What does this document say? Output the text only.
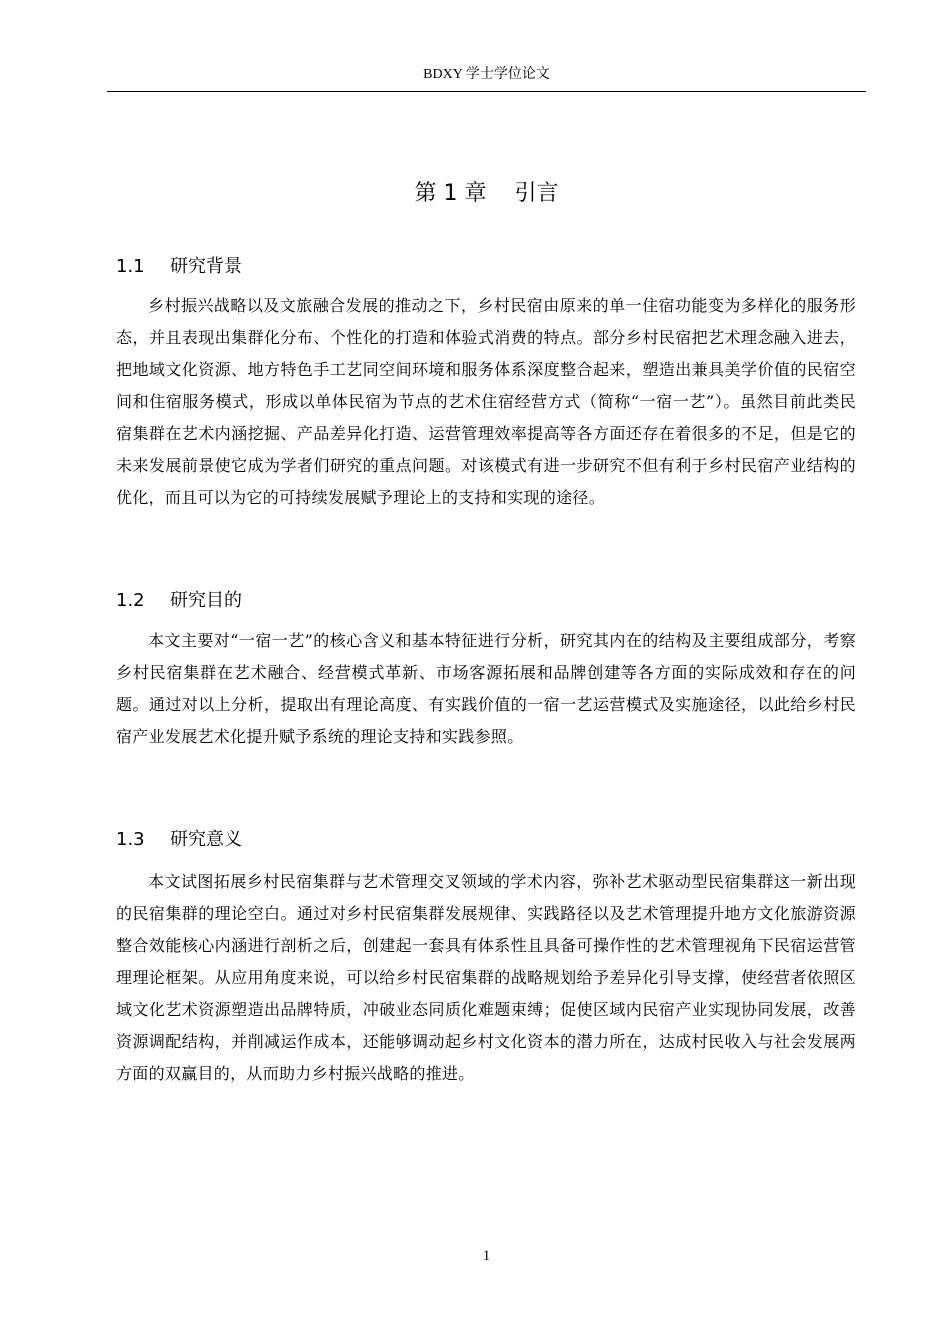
BDXY 学士学位论文
第 1 章    引言
1.1 研究背景
乡村振兴战略以及文旅融合发展的推动之下，乡村民宿由原来的单一住宿功能变为多样化的服务形态，并且表现出集群化分布、个性化的打造和体验式消费的特点。部分乡村民宿把艺术理念融入进去，把地域文化资源、地方特色手工艺同空间环境和服务体系深度整合起来，塑造出兼具美学价值的民宿空间和住宿服务模式，形成以单体民宿为节点的艺术住宿经营方式（简称“一宿一艺”）。虽然目前此类民宿集群在艺术内涵挖掘、产品差异化打造、运营管理效率提高等各方面还存在着很多的不足，但是它的未来发展前景使它成为学者们研究的重点问题。对该模式有进一步研究不但有利于乡村民宿产业结构的优化，而且可以为它的可持续发展赋予理论上的支持和实现的途径。
1.2 研究目的
本文主要对“一宿一艺”的核心含义和基本特征进行分析，研究其内在的结构及主要组成部分，考察乡村民宿集群在艺术融合、经营模式革新、市场客源拓展和品牌创建等各方面的实际成效和存在的问题。通过对以上分析，提取出有理论高度、有实践价值的一宿一艺运营模式及实施途径，以此给乡村民宿产业发展艺术化提升赋予系统的理论支持和实践参照。
1.3 研究意义
本文试图拓展乡村民宿集群与艺术管理交叉领域的学术内容，弥补艺术驱动型民宿集群这一新出现的民宿集群的理论空白。通过对乡村民宿集群发展规律、实践路径以及艺术管理提升地方文化旅游资源整合效能核心内涵进行剖析之后，创建起一套具有体系性且具备可操作性的艺术管理视角下民宿运营管理理论框架。从应用角度来说，可以给乡村民宿集群的战略规划给予差异化引导支撑，使经营者依照区域文化艺术资源塑造出品牌特质，冲破业态同质化难题束缚；促使区域内民宿产业实现协同发展，改善资源调配结构，并削减运作成本，还能够调动起乡村文化资本的潜力所在，达成村民收入与社会发展两方面的双赢目的，从而助力乡村振兴战略的推进。
1
